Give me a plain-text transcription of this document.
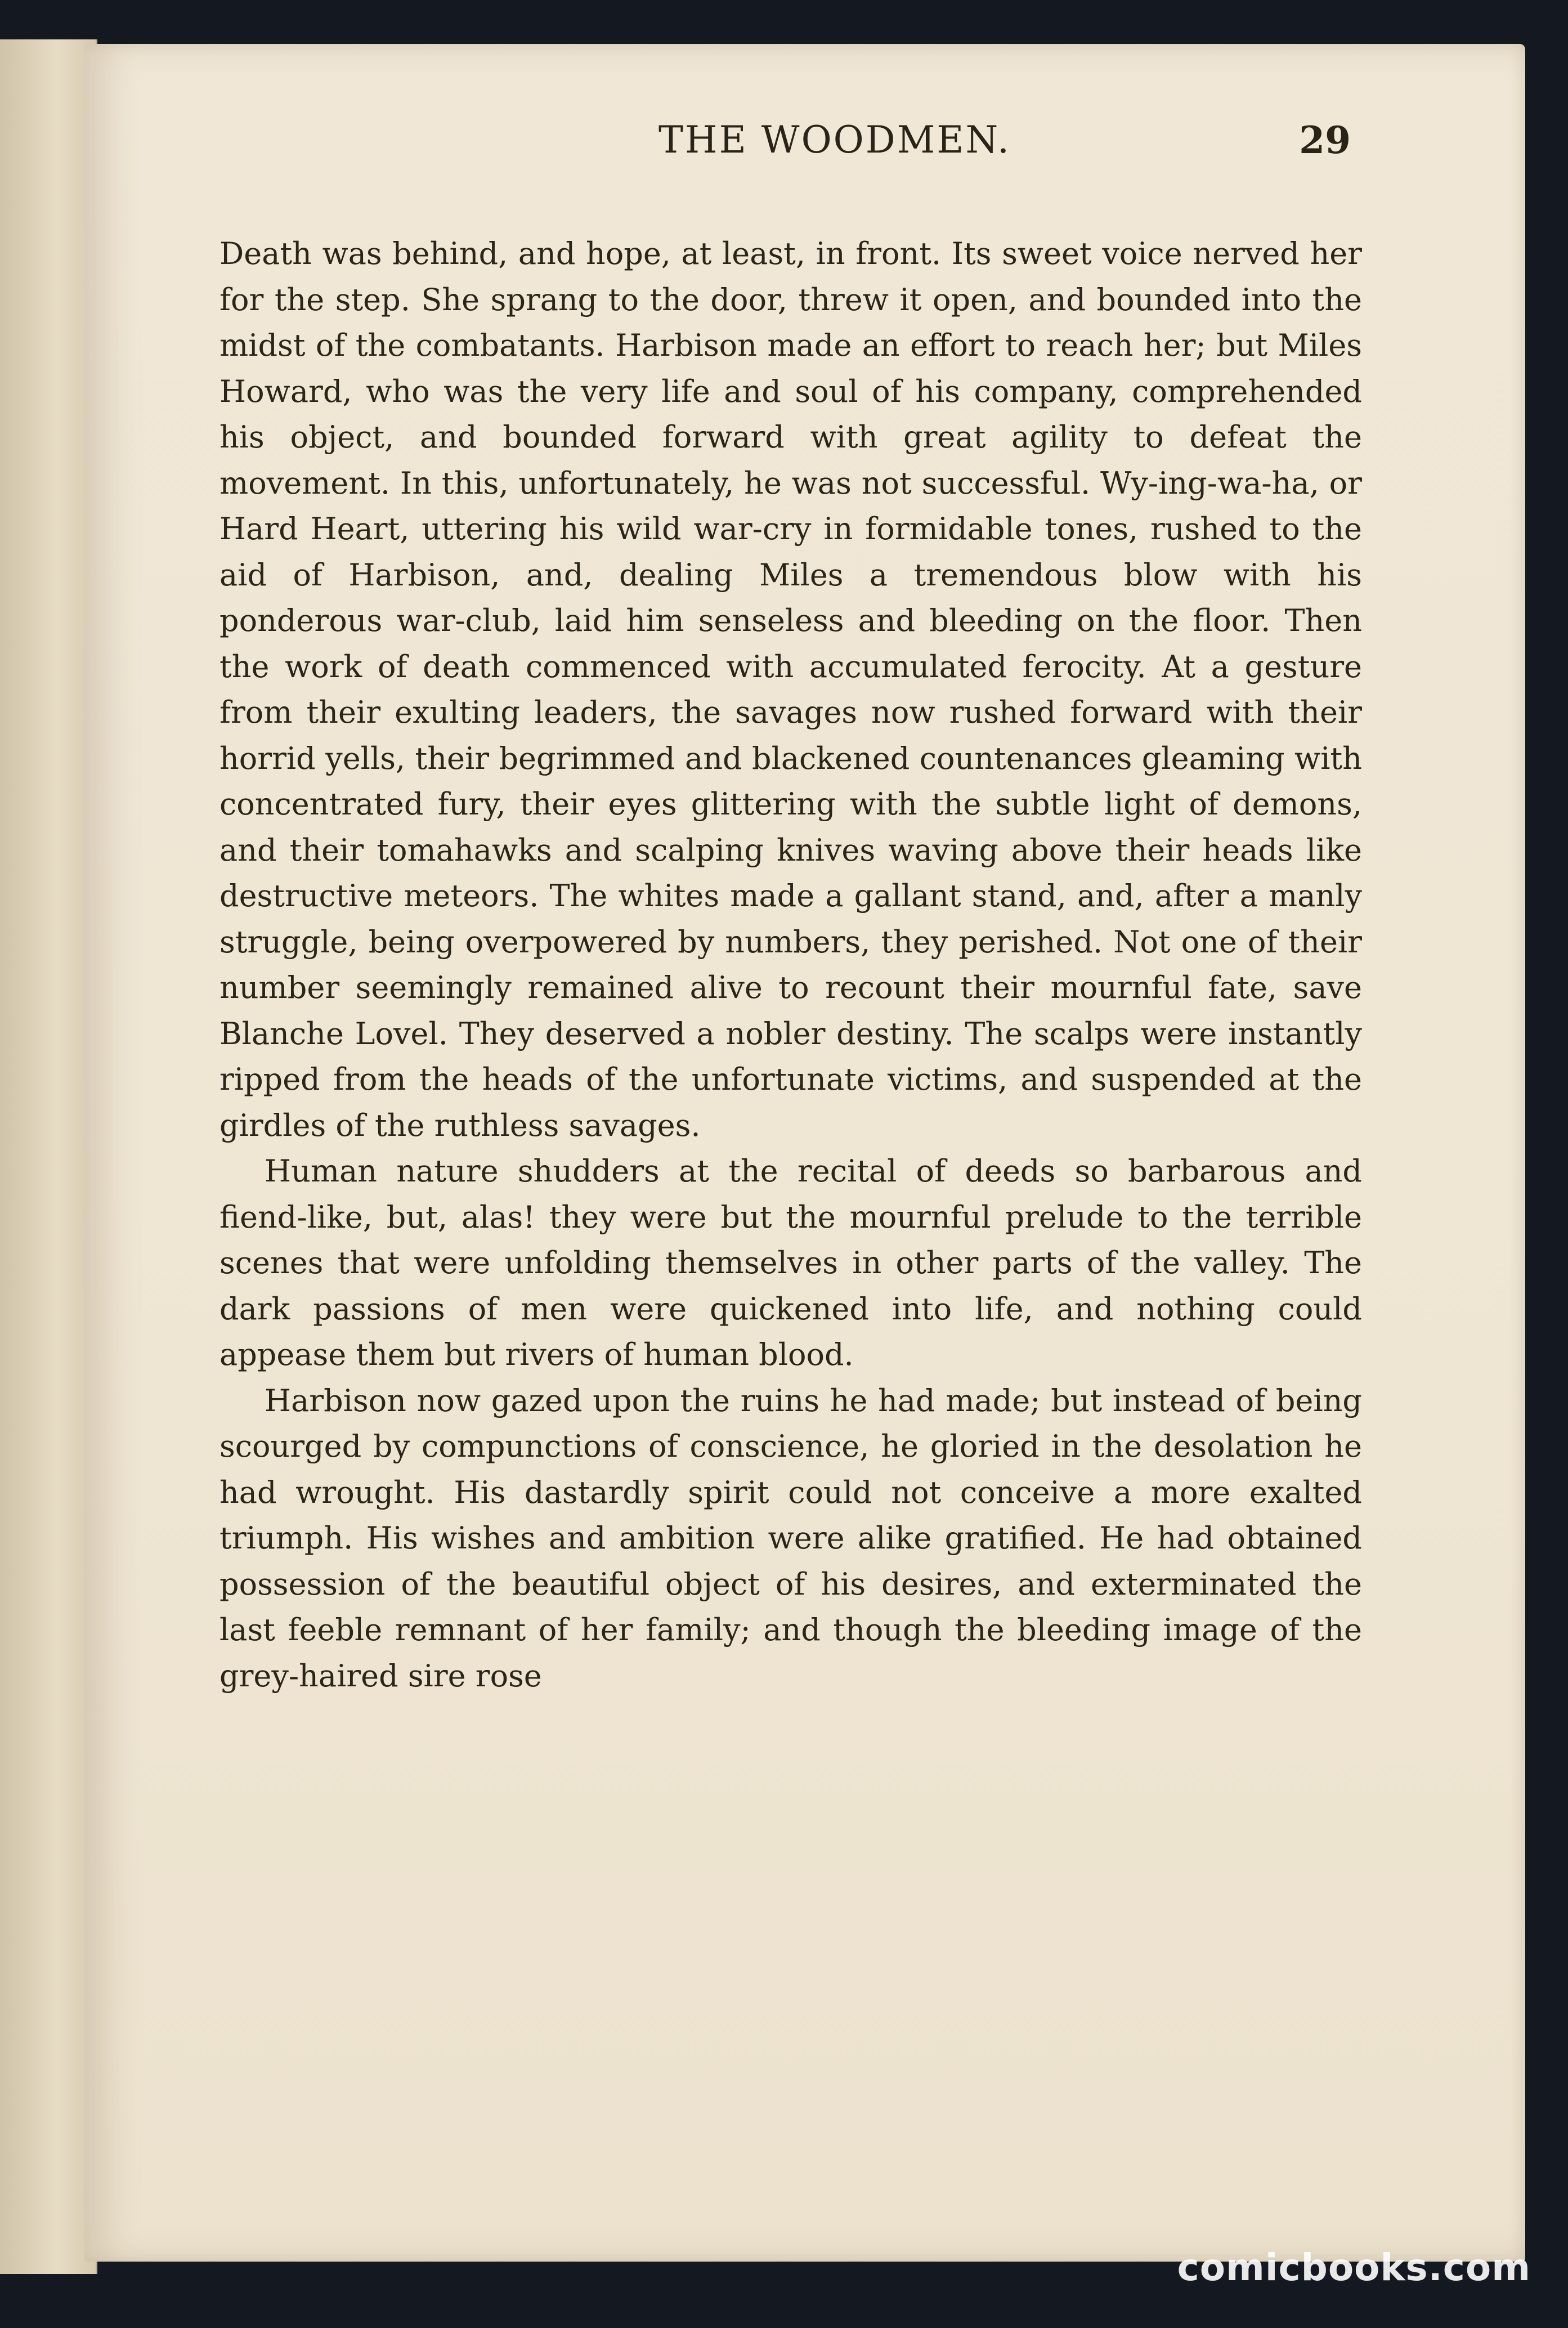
THE WOODMEN.	29

Death was behind, and hope, at least, in front. Its sweet voice nerved her for the step. She sprang to the door, threw it open, and bounded into the midst of the combatants. Harbison made an effort to reach her; but Miles Howard, who was the very life and soul of his company, comprehended his object, and bounded forward with great agility to defeat the movement. In this, unfortunately, he was not successful. Wy-ing-wa-ha, or Hard Heart, uttering his wild war-cry in formidable tones, rushed to the aid of Harbison, and, dealing Miles a tremendous blow with his ponderous war-club, laid him senseless and bleeding on the floor. Then the work of death commenced with accumulated ferocity. At a gesture from their exulting leaders, the savages now rushed forward with their horrid yells, their begrimmed and blackened countenances gleaming with concentrated fury, their eyes glittering with the subtle light of demons, and their tomahawks and scalping knives waving above their heads like destructive meteors. The whites made a gallant stand, and, after a manly struggle, being overpowered by numbers, they perished. Not one of their number seemingly remained alive to recount their mournful fate, save Blanche Lovel. They deserved a nobler destiny. The scalps were instantly ripped from the heads of the unfortunate victims, and suspended at the girdles of the ruthless savages.

Human nature shudders at the recital of deeds so barbarous and fiend-like, but, alas! they were but the mournful prelude to the terrible scenes that were unfolding themselves in other parts of the valley. The dark passions of men were quickened into life, and nothing could appease them but rivers of human blood.

Harbison now gazed upon the ruins he had made; but instead of being scourged by compunctions of conscience, he gloried in the desolation he had wrought. His dastardly spirit could not conceive a more exalted triumph. His wishes and ambition were alike gratified. He had obtained possession of the beautiful object of his desires, and exterminated the last feeble remnant of her family; and though the bleeding image of the grey-haired sire rose

comicbooks.com
